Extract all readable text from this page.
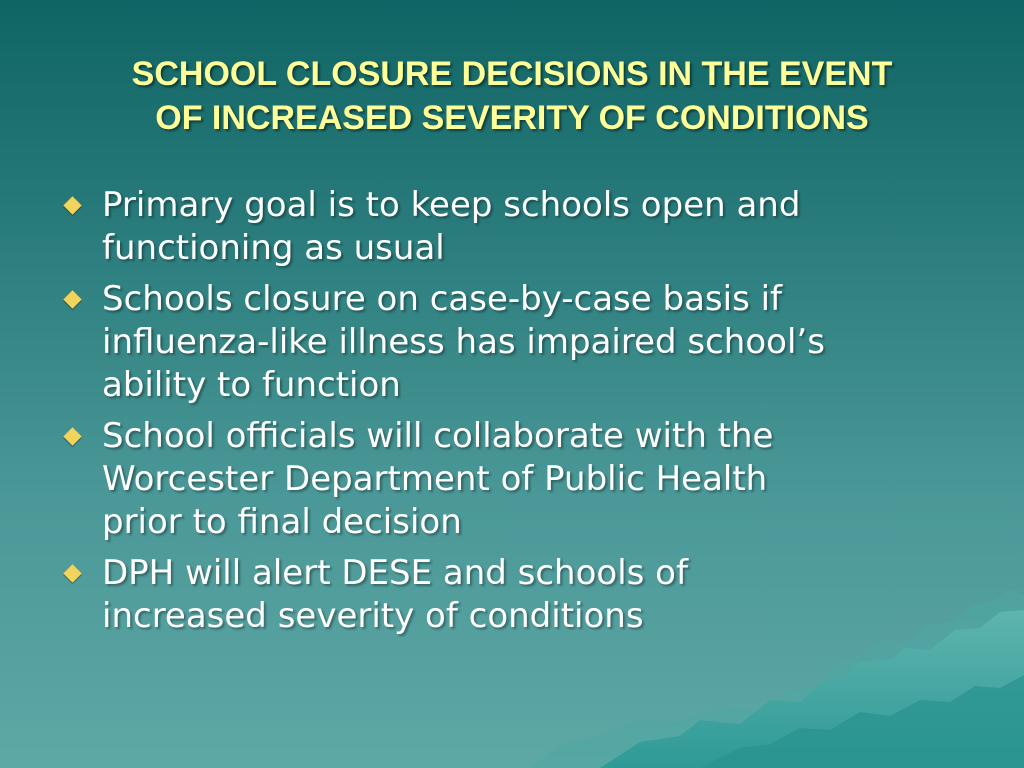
SCHOOL CLOSURE DECISIONS IN THE EVENT
OF INCREASED SEVERITY OF CONDITIONS
Primary goal is to keep schools open and
functioning as usual
Schools closure on case-by-case basis if
influenza-like illness has impaired school’s
ability to function
School officials will collaborate with the
Worcester Department of Public Health
prior to final decision
DPH will alert DESE and schools of
increased severity of conditions
